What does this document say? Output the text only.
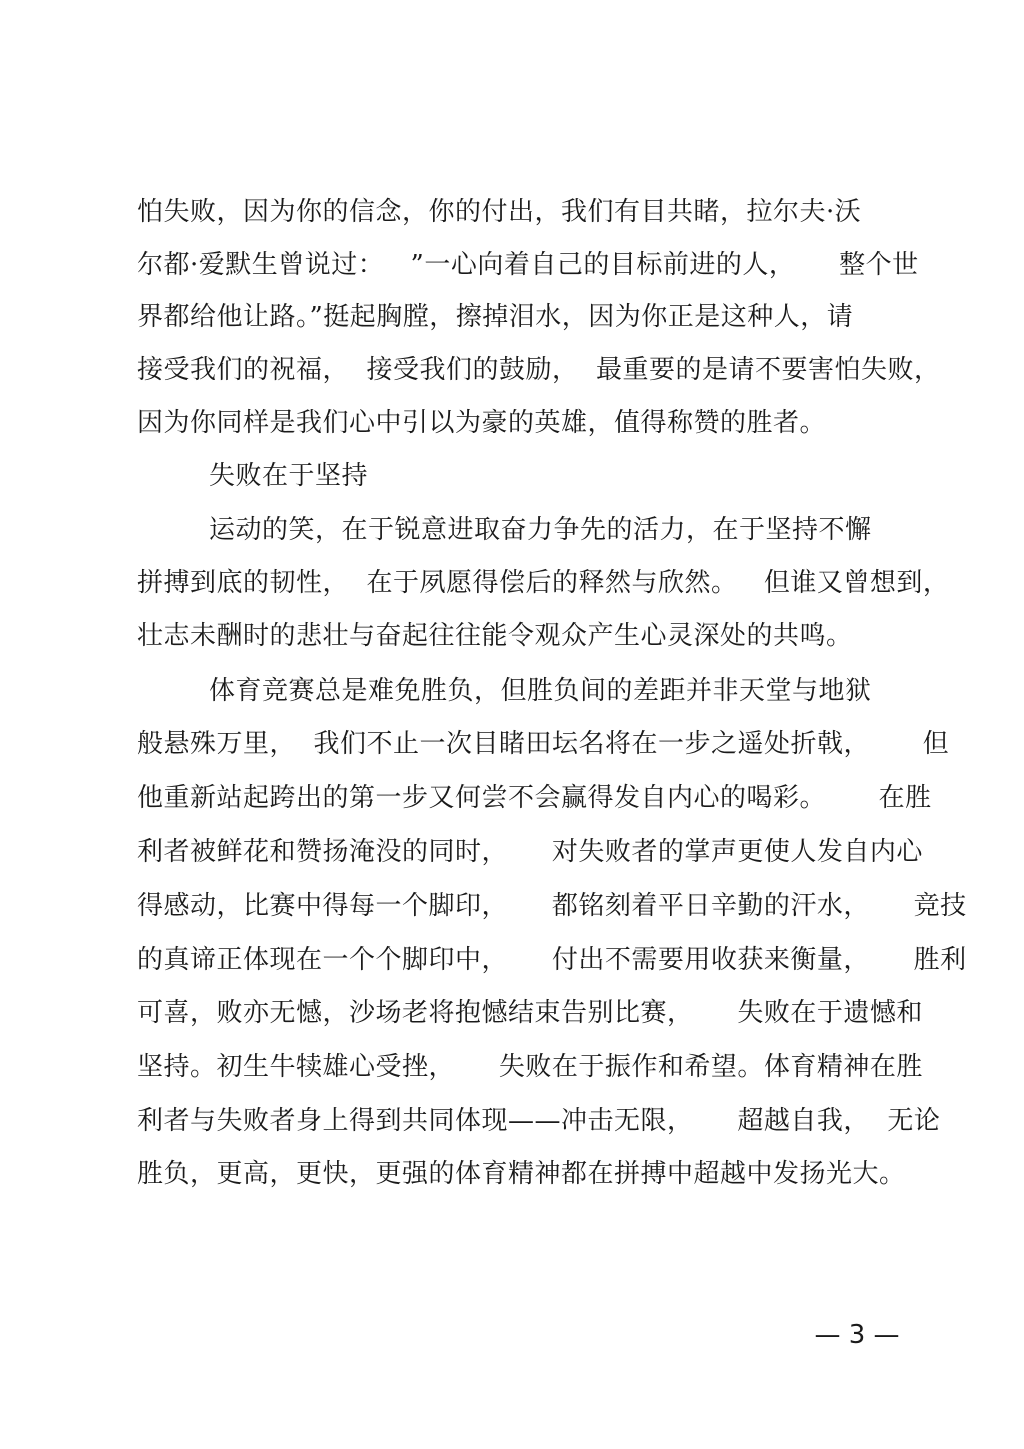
怕失败，因为你的信念，你的付出，我们有目共睹，拉尔夫·沃
尔都·爱默生曾说过：   ”一心向着自己的目标前进的人，     整个世
界都给他让路。”挺起胸膛，擦掉泪水，因为你正是这种人，请
接受我们的祝福，  接受我们的鼓励，  最重要的是请不要害怕失败，
因为你同样是我们心中引以为豪的英雄，值得称赞的胜者。
失败在于坚持
运动的笑，在于锐意进取奋力争先的活力，在于坚持不懈
拼搏到底的韧性，  在于夙愿得偿后的释然与欣然。   但谁又曾想到，
壮志未酬时的悲壮与奋起往往能令观众产生心灵深处的共鸣。
体育竞赛总是难免胜负，但胜负间的差距并非天堂与地狱
般悬殊万里，  我们不止一次目睹田坛名将在一步之遥处折戟，      但
他重新站起跨出的第一步又何尝不会赢得发自内心的喝彩。      在胜
利者被鲜花和赞扬淹没的同时，     对失败者的掌声更使人发自内心
得感动，比赛中得每一个脚印，     都铭刻着平日辛勤的汗水，     竞技
的真谛正体现在一个个脚印中，     付出不需要用收获来衡量，     胜利
可喜，败亦无憾，沙场老将抱憾结束告别比赛，     失败在于遗憾和
坚持。初生牛犊雄心受挫，     失败在于振作和希望。体育精神在胜
利者与失败者身上得到共同体现——冲击无限，     超越自我，  无论
胜负，更高，更快，更强的体育精神都在拼搏中超越中发扬光大。
— 3 —
